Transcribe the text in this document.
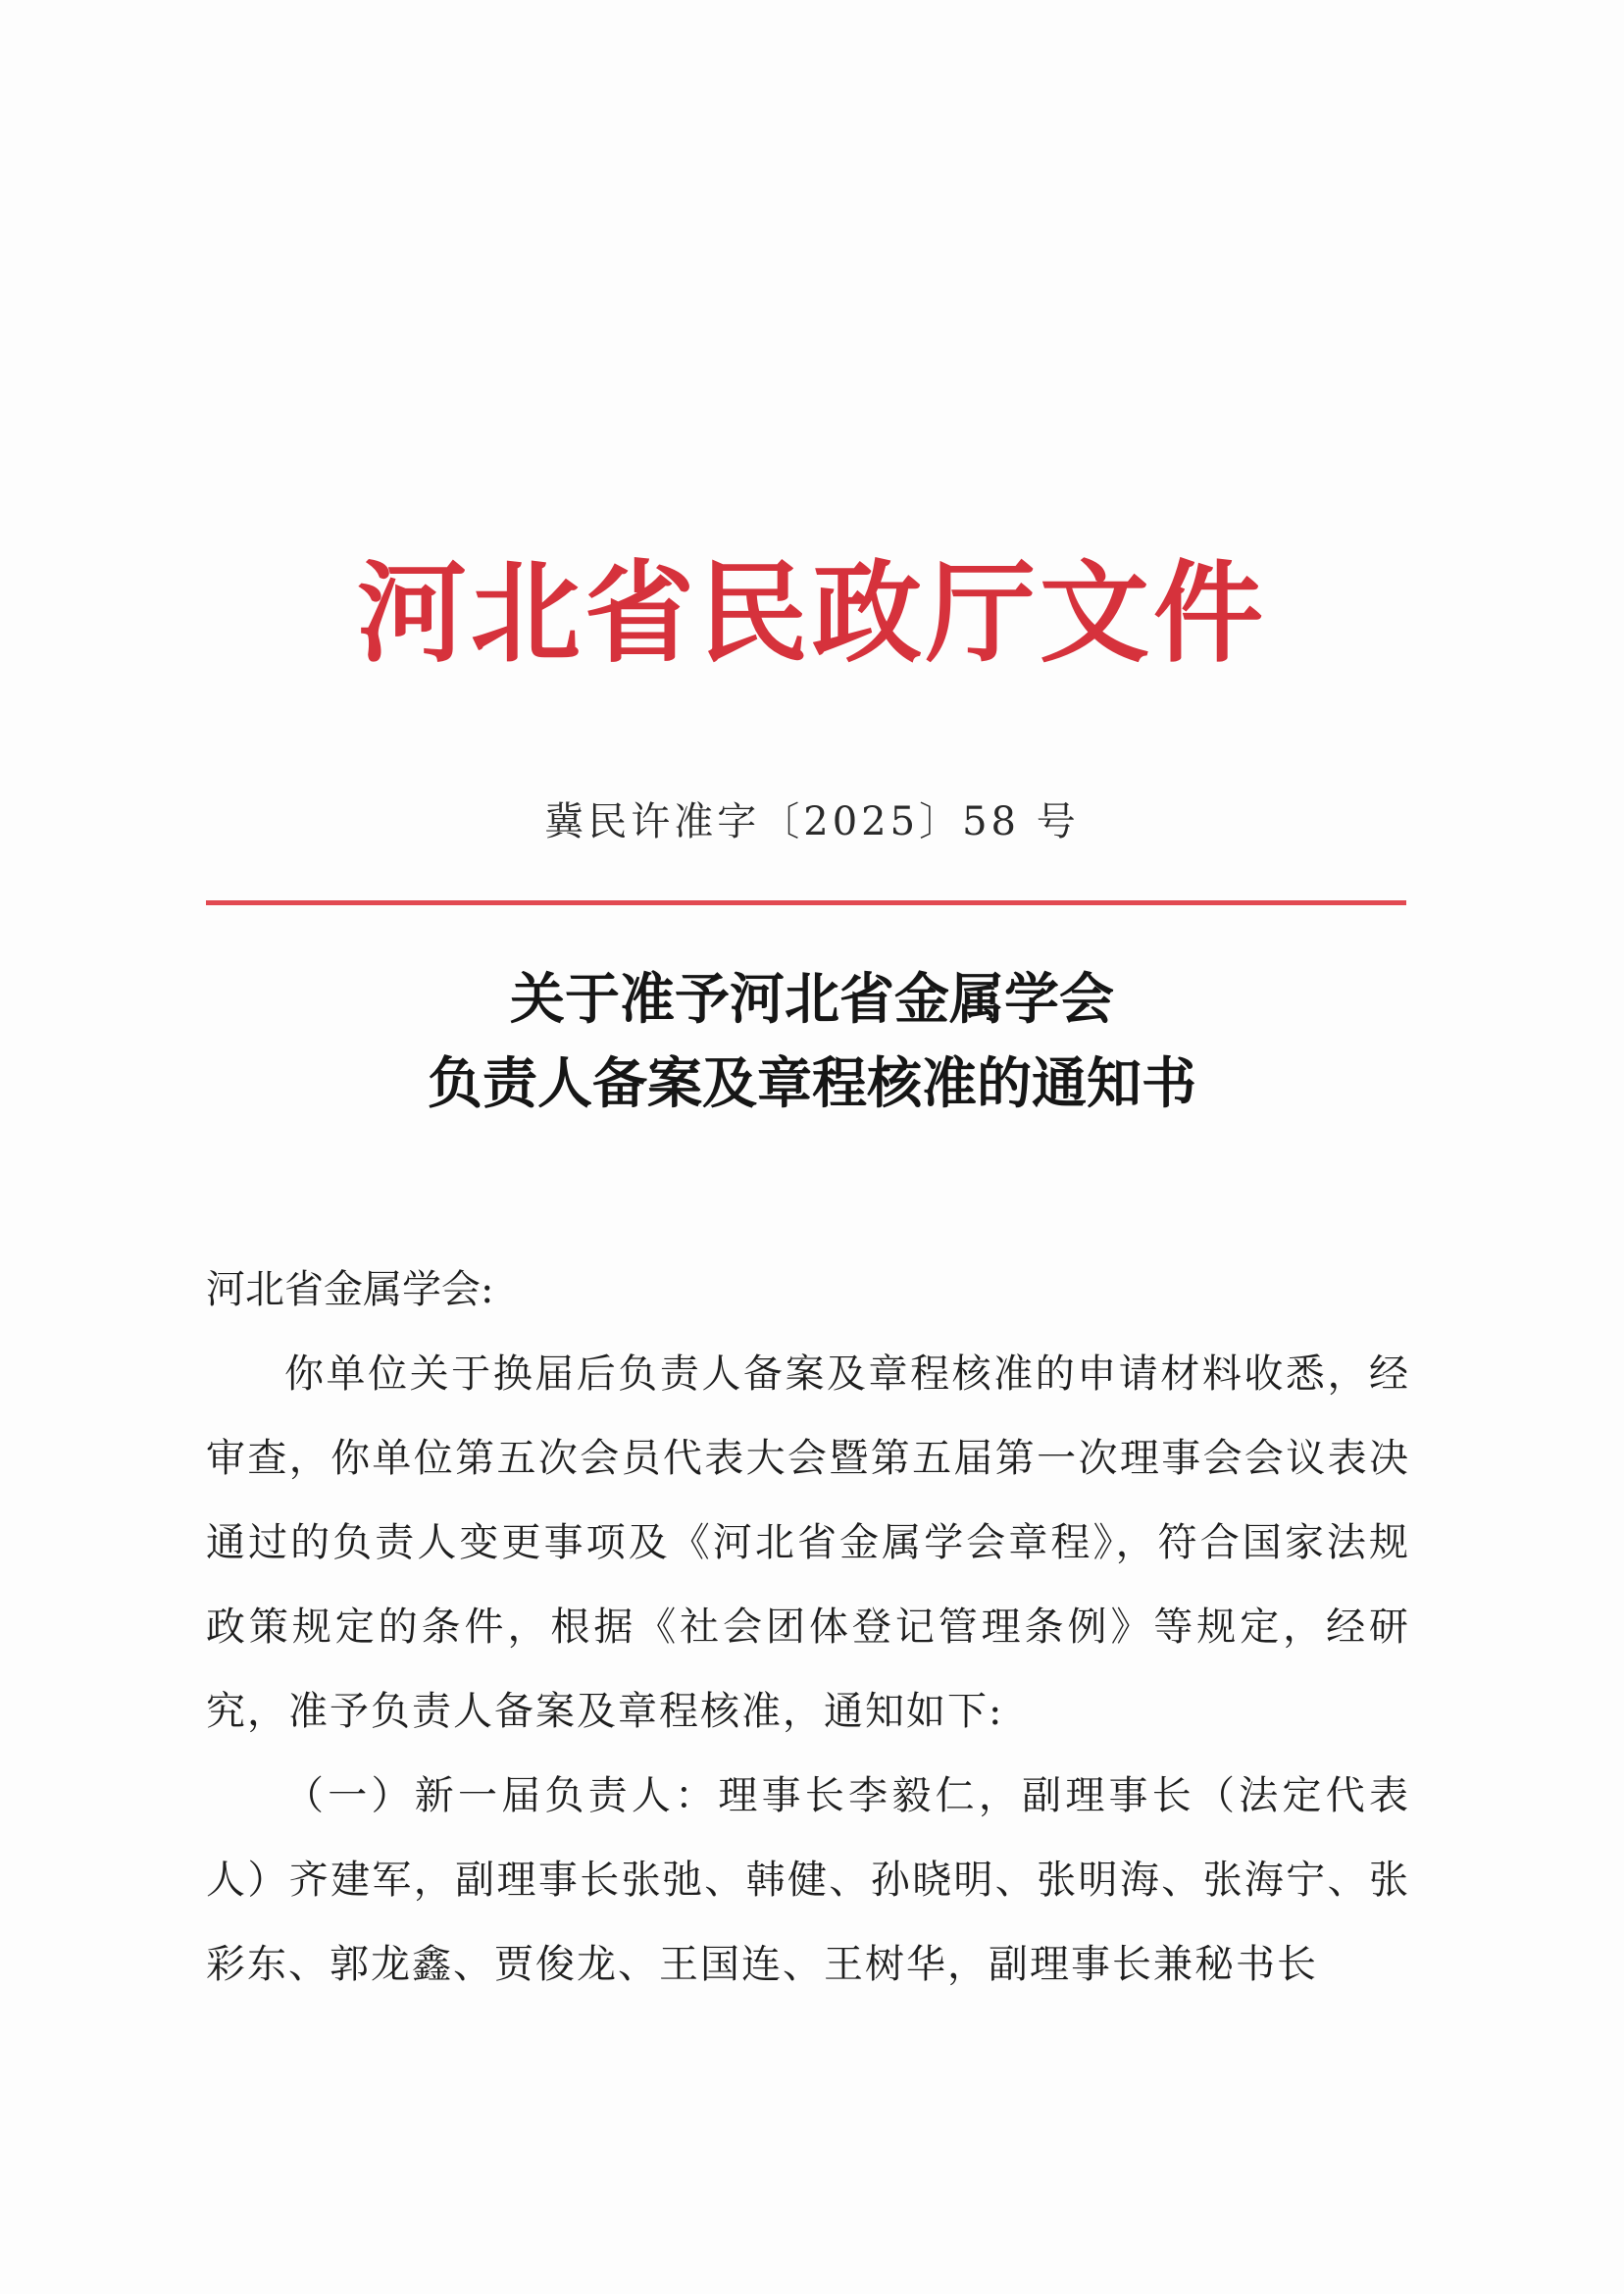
河北省民政厅文件
冀民许准字〔2025〕58 号
关于准予河北省金属学会
负责人备案及章程核准的通知书

河北省金属学会:

你单位关于换届后负责人备案及章程核准的申请材料收悉，经审查，你单位第五次会员代表大会暨第五届第一次理事会会议表决通过的负责人变更事项及《河北省金属学会章程》，符合国家法规政策规定的条件，根据《社会团体登记管理条例》等规定，经研究，准予负责人备案及章程核准，通知如下:

（一）新一届负责人：理事长李毅仁，副理事长（法定代表人）齐建军，副理事长张弛、韩健、孙晓明、张明海、张海宁、张彩东、郭龙鑫、贾俊龙、王国连、王树华，副理事长兼秘书长
